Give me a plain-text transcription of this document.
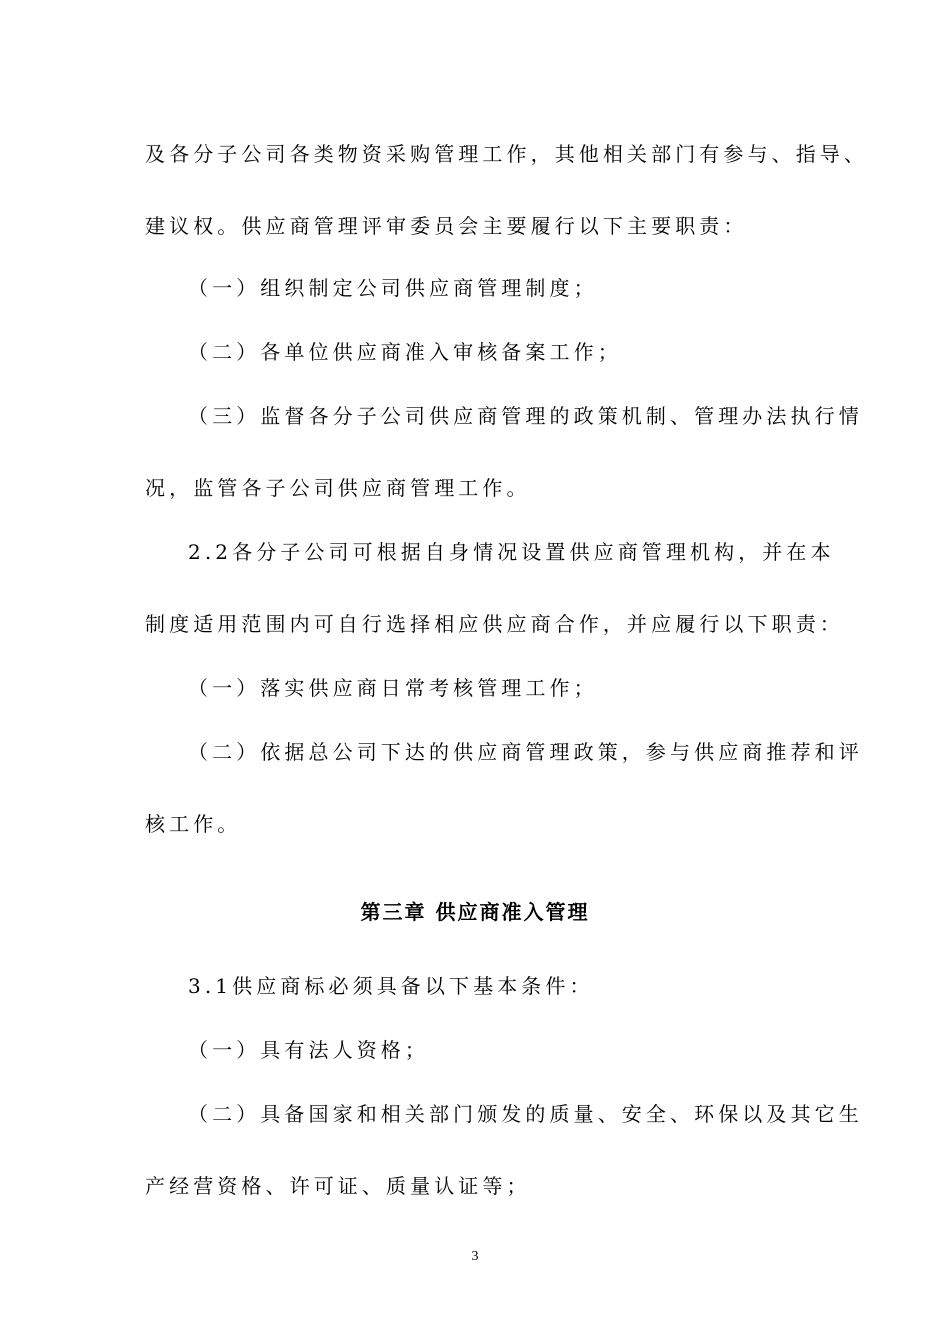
及各分子公司各类物资采购管理工作，其他相关部门有参与、指导、

建议权。供应商管理评审委员会主要履行以下主要职责：

（一）组织制定公司供应商管理制度；

（二）各单位供应商准入审核备案工作；

（三）监督各分子公司供应商管理的政策机制、管理办法执行情

况，监管各子公司供应商管理工作。

2.2各分子公司可根据自身情况设置供应商管理机构，并在本

制度适用范围内可自行选择相应供应商合作，并应履行以下职责：

（一）落实供应商日常考核管理工作；

（二）依据总公司下达的供应商管理政策，参与供应商推荐和评

核工作。

第三章 供应商准入管理

3.1供应商标必须具备以下基本条件：

（一）具有法人资格；

（二）具备国家和相关部门颁发的质量、安全、环保以及其它生

产经营资格、许可证、质量认证等；

3
